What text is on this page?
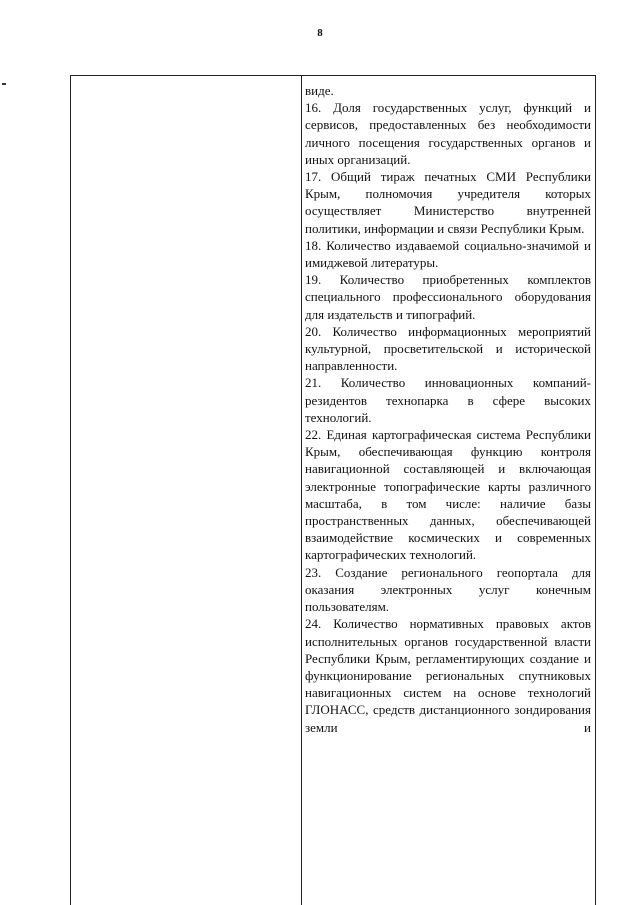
8

виде.

16. Доля государственных услуг, функций и сервисов, предоставленных без необходимости личного посещения государственных органов и иных организаций.

17. Общий тираж печатных СМИ Республики Крым, полномочия учредителя которых осуществляет Министерство внутренней политики, информации и связи Республики Крым.

18. Количество издаваемой социально-значимой и имиджевой литературы.

19. Количество приобретенных комплектов специального профессионального оборудования для издательств и типографий.

20. Количество информационных мероприятий культурной, просветительской и исторической направленности.

21. Количество инновационных компаний-резидентов технопарка в сфере высоких технологий.

22. Единая картографическая система Республики Крым, обеспечивающая функцию контроля навигационной составляющей и включающая электронные топографические карты различного масштаба, в том числе: наличие базы пространственных данных, обеспечивающей взаимодействие космических и современных картографических технологий.

23. Создание регионального геопортала для оказания электронных услуг конечным пользователям.

24. Количество нормативных правовых актов исполнительных органов государственной власти Республики Крым, регламентирующих создание и функционирование региональных спутниковых навигационных систем на основе технологий ГЛОНАСС, средств дистанционного зондирования земли и
